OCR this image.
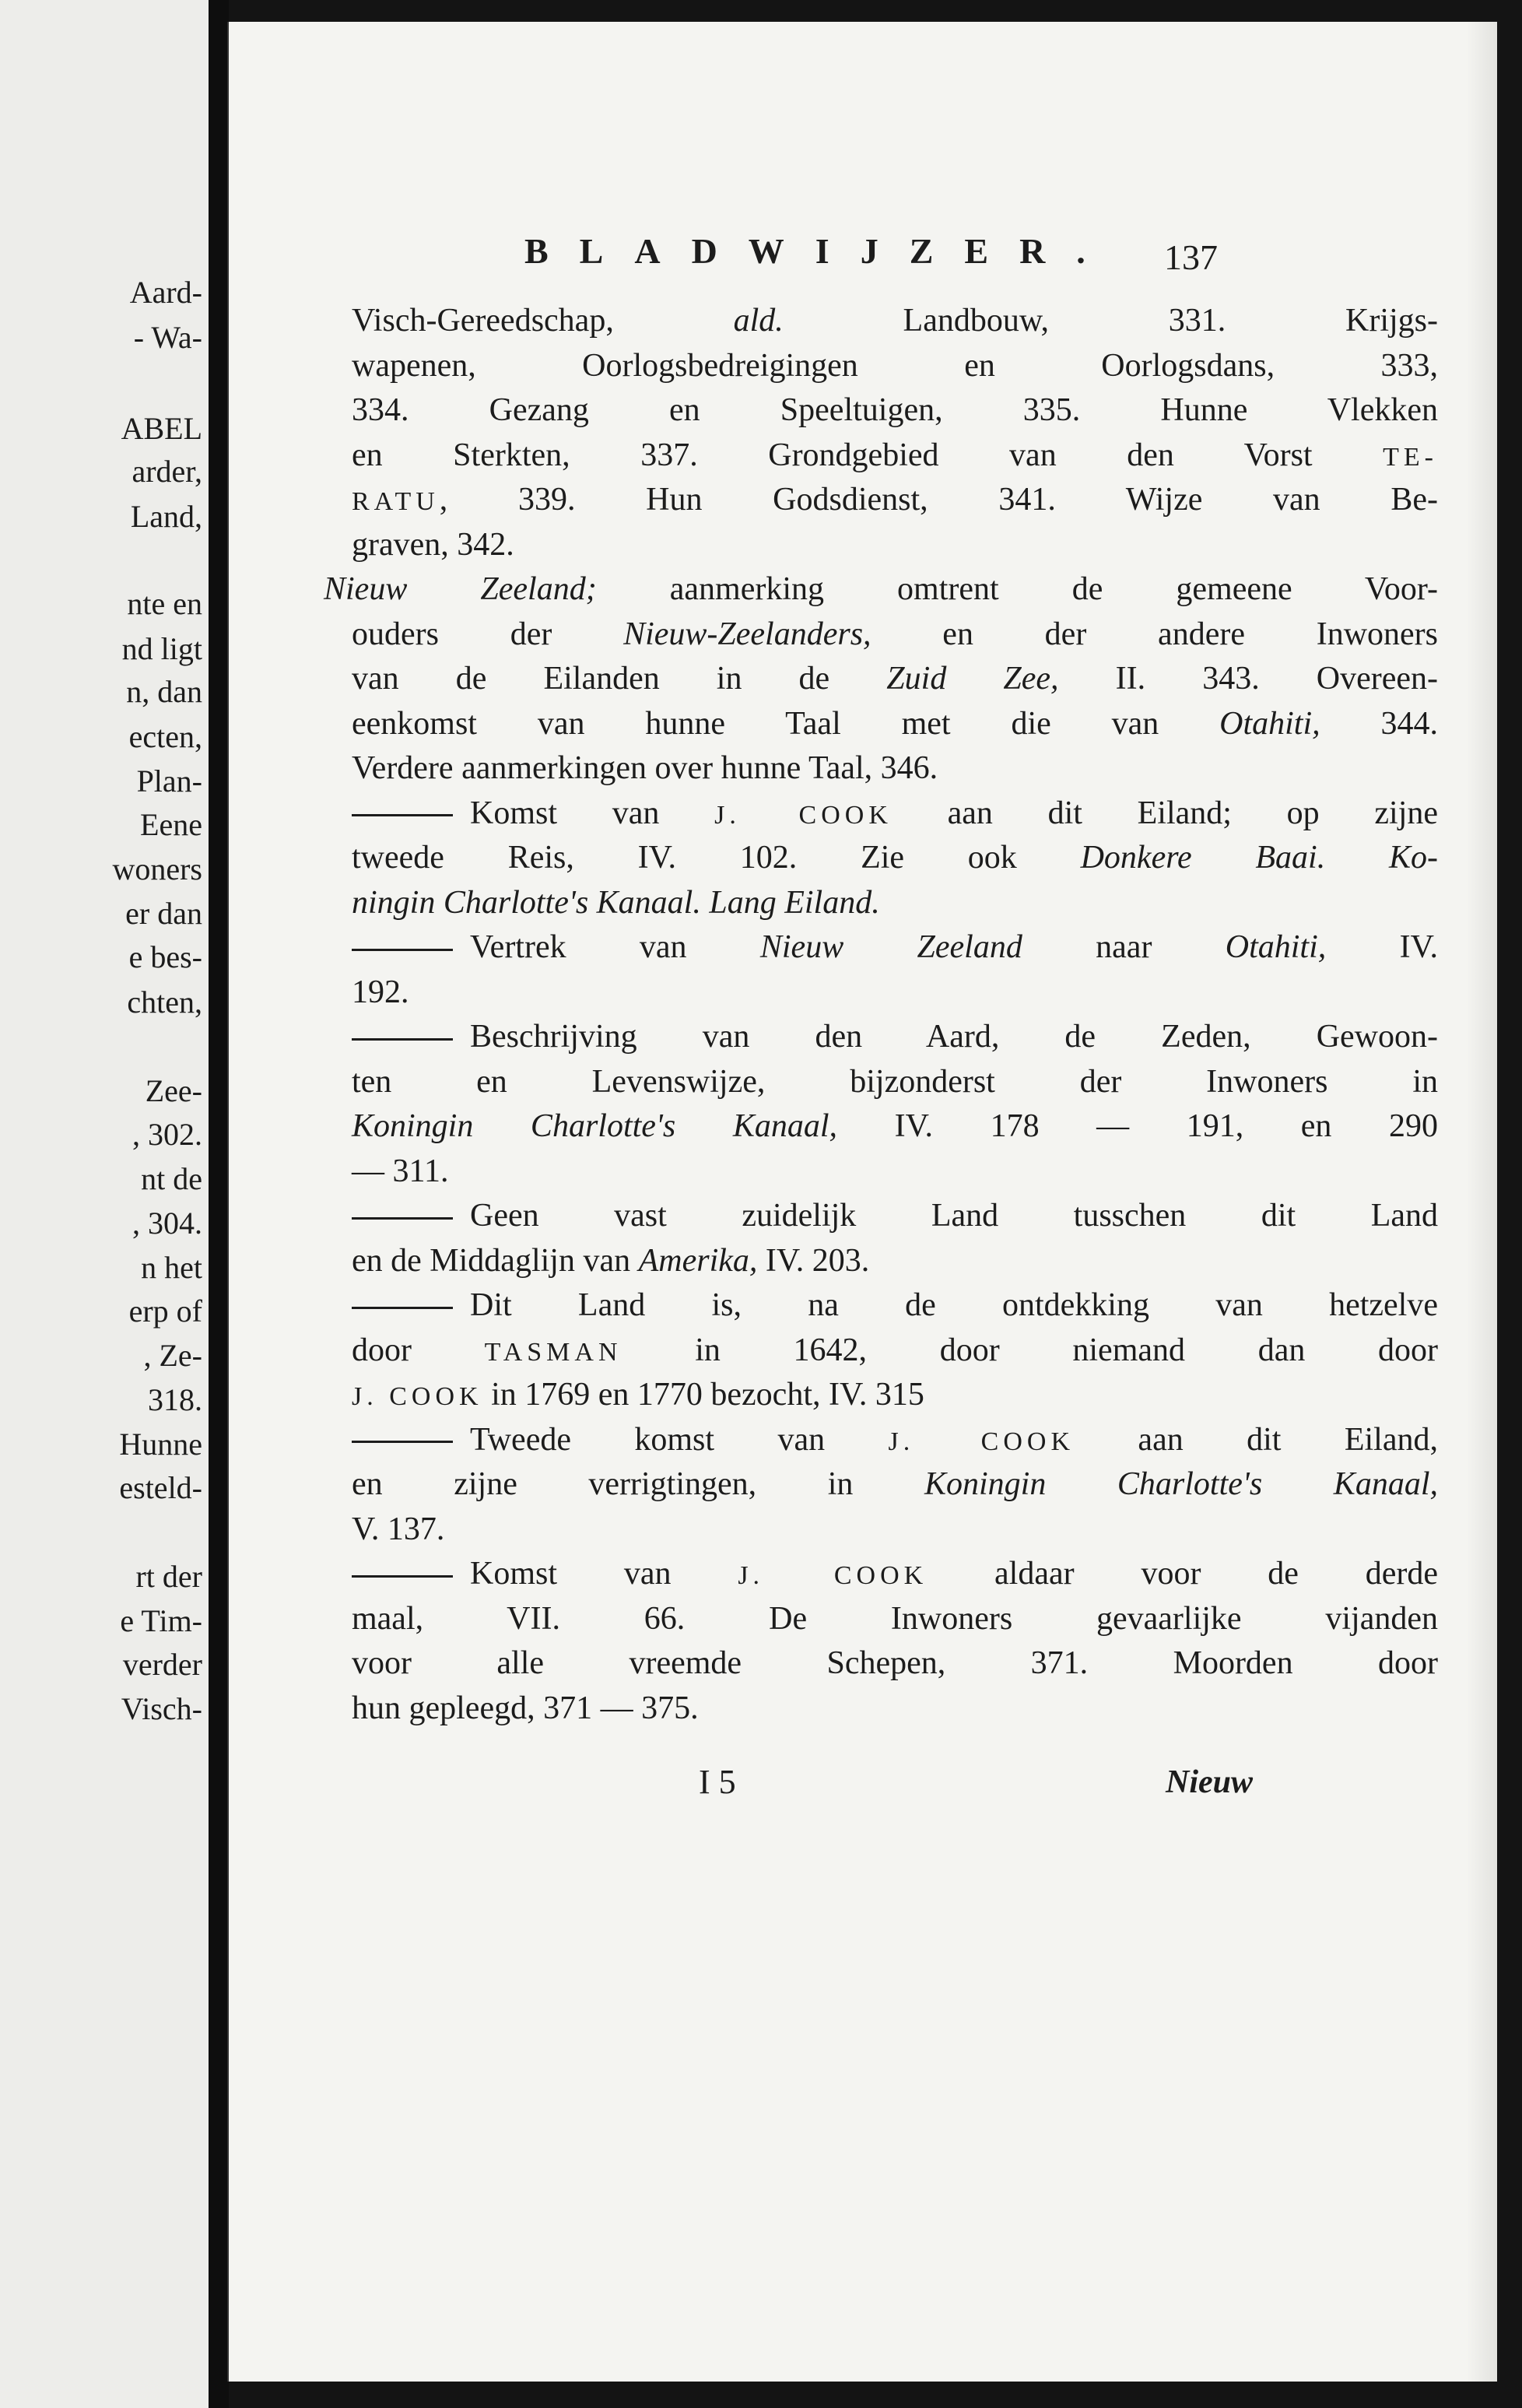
Aard-
- Wa-
ABEL
arder,
Land,
nte en
nd ligt
n, dan
ecten,
Plan-
Eene
woners
er dan
e bes-
chten,
Zee-
, 302.
nt de
, 304.
n het
erp of
, Ze-
318.
Hunne
esteld-
rt der
e Tim-
verder
Visch-
BLADWIJZER. 137
Visch-Gereedschap, ald. Landbouw, 331. Krijgs-
wapenen, Oorlogsbedreigingen en Oorlogsdans, 333,
334. Gezang en Speeltuigen, 335. Hunne Vlekken
en Sterkten, 337. Grondgebied van den Vorst TE-
RATU, 339. Hun Godsdienst, 341. Wijze van Be-
graven, 342.
Nieuw Zeeland; aanmerking omtrent de gemeene Voor-
ouders der Nieuw-Zeelanders, en der andere Inwoners
van de Eilanden in de Zuid Zee, II. 343. Overeen-
eenkomst van hunne Taal met die van Otahiti, 344.
Verdere aanmerkingen over hunne Taal, 346.
Komst van J. COOK aan dit Eiland; op zijne
tweede Reis, IV. 102. Zie ook Donkere Baai. Ko-
ningin Charlotte's Kanaal. Lang Eiland.
Vertrek van Nieuw Zeeland naar Otahiti, IV.
192.
Beschrijving van den Aard, de Zeden, Gewoon-
ten en Levenswijze, bijzonderst der Inwoners in
Koningin Charlotte's Kanaal, IV. 178 — 191, en 290
— 311.
Geen vast zuidelijk Land tusschen dit Land
en de Middaglijn van Amerika, IV. 203.
Dit Land is, na de ontdekking van hetzelve
door TASMAN in 1642, door niemand dan door
J. COOK in 1769 en 1770 bezocht, IV. 315
Tweede komst van J. COOK aan dit Eiland,
en zijne verrigtingen, in Koningin Charlotte's Kanaal,
V. 137.
Komst van J. COOK aldaar voor de derde
maal, VII. 66. De Inwoners gevaarlijke vijanden
voor alle vreemde Schepen, 371. Moorden door
hun gepleegd, 371 — 375.
I 5	Nieuw
